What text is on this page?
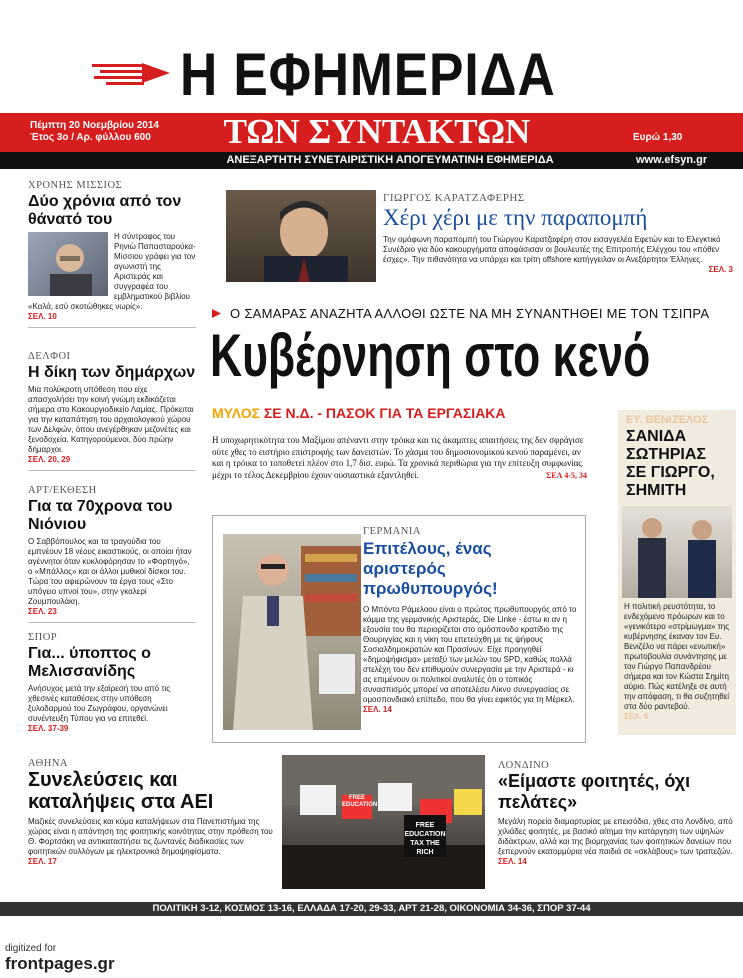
Η ΕΦΗΜΕΡΙΔΑ
Πέμπτη 20 Νοεμβρίου 2014
Έτος 3ο / Αρ. φύλλου 600	ΤΩΝ ΣΥΝΤΑΚΤΩΝ	Ευρώ 1,30
ΑΝΕΞΑΡΤΗΤΗ ΣΥΝΕΤΑΙΡΙΣΤΙΚΗ ΑΠΟΓΕΥΜΑΤΙΝΗ ΕΦΗΜΕΡΙΔΑ	www.efsyn.gr
ΧΡΟΝΗΣ ΜΙΣΣΙΟΣ
Δύο χρόνια από τον θάνατό του
Η σύντροφος του Ρηνιώ Παπασταρούκα-Μίσσιου γράφει για τον αγωνιστή της Αριστεράς και συγγραφέα του εμβληματικού βιβλίου «Καλά, εσύ σκοτώθηκες νωρίς».
ΣΕΛ. 10
ΔΕΛΦΟΙ
Η δίκη των δημάρχων
Μια πολύκροτη υπόθεση που είχε απασχολήσει την κοινή γνώμη εκδικάζεται σήμερα στο Κακουργιοδικείο Λαμίας. Πρόκειται για την καταπάτηση του αρχαιολογικού χώρου των Δελφών, όπου ανεγέρθηκαν μεζονέτες και ξενοδοχεία. Κατηγορούμενοι, δύο πρώην δήμαρχοι.
ΣΕΛ. 20, 29
ΑΡΤ/ΕΚΘΕΣΗ
Για τα 70χρονα του Νιόνιου
Ο Σαββόπουλος και τα τραγούδια του εμπνέουν 18 νέους εικαστικούς, οι οποίοι ήταν αγέννητοι όταν κυκλοφόρησαν το «Φορτηγό», ο «Μπάλλος» και οι άλλοι μυθικοί δίσκοι του. Τώρα του αφιερώνουν τα έργα τους «Στο υπόγειο υπνοί του», στην γκαλερί Ζουμπουλάκη.
ΣΕΛ. 23
ΣΠΟΡ
Για... ύποπτος ο Μελισσανίδης
Ανήσυχος μετά την εξαίρεσή του από τις χθεσινές καταθέσεις στην υπόθεση ξυλοδαρμού του Ζωγράφου, οργανώνει συνέντευξη Τύπου για να επιτεθεί.
ΣΕΛ. 37-39
ΓΙΩΡΓΟΣ ΚΑΡΑΤΖΑΦΕΡΗΣ
Χέρι χέρι με την παραπομπή
Την ομόφωνη παραπομπή του Γιώργου Καρατζαφέρη στον εισαγγελέα Εφετών και το Ελεγκτικό Συνέδριο για δύο κακουργήματα αποφάσισαν οι βουλευτές της Επιτροπής Ελέγχου του «πόθεν έσχες». Την πιθανότητα να υπάρχει και τρίτη offshore κατήγγειλαν οι Ανεξάρτητοι Έλληνες.
ΣΕΛ. 3
Ο ΣΑΜΑΡΑΣ ΑΝΑΖΗΤΑ ΑΛΛΟΘΙ ΩΣΤΕ ΝΑ ΜΗ ΣΥΝΑΝΤΗΘΕΙ ΜΕ ΤΟΝ ΤΣΙΠΡΑ
Κυβέρνηση στο κενό
ΜΥΛΟΣ ΣΕ Ν.Δ. - ΠΑΣΟΚ ΓΙΑ ΤΑ ΕΡΓΑΣΙΑΚΑ
Η υποχωρητικότητα του Μαξίμου απέναντι στην τρόικα και τις άκαμπτες απαιτήσεις της δεν σφράγισε ούτε χθες το ειστήριο επιστροφής των δανειστών. Το χάσμα του δημοσιονομικού κενού παραμένει, αν και η τρόικα το τοποθετεί πλέον στο 1,7 δισ. ευρώ. Τα χρονικά περιθώρια για την επίτευξη συμφωνίας μέχρι το τέλος Δεκεμβρίου έχουν ουσιαστικά εξαντληθεί.	ΣΕΛ 4-5, 34
ΓΕΡΜΑΝΙΑ
Επιτέλους, ένας αριστερός πρωθυπουργός!
Ο Μπόντο Ράμελοου είναι ο πρώτος πρωθυπουργός από το κόμμα της γερμανικής Αριστεράς, Die Linke - έστω κι αν η εξουσία του θα περιορίζεται στο ομόσπονδο κρατίδιο της Θουριγγίας και η νίκη του επετεύχθη με τις ψήφους Σοσιαλδημοκρατών και Πρασίνων. Είχε προηγηθεί «δημοψήφισμα» μεταξύ των μελών του SPD, καθώς πολλά στελέχη του δεν επιθυμούν συνεργασία με την Αριστερά - κι ας επιμένουν οι πολιτικοί αναλυτές ότι ο τοπικός συνασπισμός μπορεί να αποτελέσει Λίκνο συνεργασίας σε ομοσπονδιακό επίπεδο, που θα γίνει εφικτός για τη Μέρκελ.
ΣΕΛ. 14
ΕΥ. ΒΕΝΙΖΕΛΟΣ
ΣΑΝΙΔΑ ΣΩΤΗΡΙΑΣ ΣΕ ΓΙΩΡΓΟ, ΣΗΜΙΤΗ
Η πολιτική ρευστότητα, το ενδεχόμενο πρόωρων και το «γενικότερο «στρίμωγμα» της κυβέρνησης έκαναν τον Ευ. Βενιζέλο να πάρει «ενωτική» πρωτοβουλία συνάντησης με τον Γιώργο Παπανδρέου σήμερα και τον Κώστα Σημίτη αύριο. Πώς κατέληξε σε αυτή την απόφαση, τι θα συζητηθεί στα δύο ραντεβού.
ΣΕΛ. 6
ΑΘΗΝΑ
Συνελεύσεις και καταλήψεις στα ΑΕΙ
Μαζικές συνελεύσεις και κύμα καταλήψεων στα Πανεπιστήμια της χώρας είναι η απάντηση της φοιτητικής κοινότητας στην πρόθεση του Θ. Φορτσάκη να αντικαταστήσει τις ζωντανές διαδικασίες των φοιτητικών συλλόγων με ηλεκτρονικά δημοψηφίσματα.
ΣΕΛ. 17
FREE EDUCATION
TAX THE RICH
FREE EDUCATION
ΛΟΝΔΙΝΟ
«Είμαστε φοιτητές, όχι πελάτες»
Μεγάλη πορεία διαμαρτυρίας με επεισόδια, χθες στο Λονδίνο, από χιλιάδες φοιτητές, με βασικό αίτημα την κατάργηση των υψηλών διδάκτρων, αλλά και της βιομηχανίας των φοιτητικών δανείων που ξεπερνούν εκατομμύρια νέα παιδιά σε «σκλάβους» των τραπεζών.
ΣΕΛ. 14
ΠΟΛΙΤΙΚΗ 3-12, ΚΟΣΜΟΣ 13-16, ΕΛΛΑΔΑ 17-20, 29-33, ΑΡΤ 21-28, ΟΙΚΟΝΟΜΙΑ 34-36, ΣΠΟΡ 37-44
digitized for
frontpages.gr
